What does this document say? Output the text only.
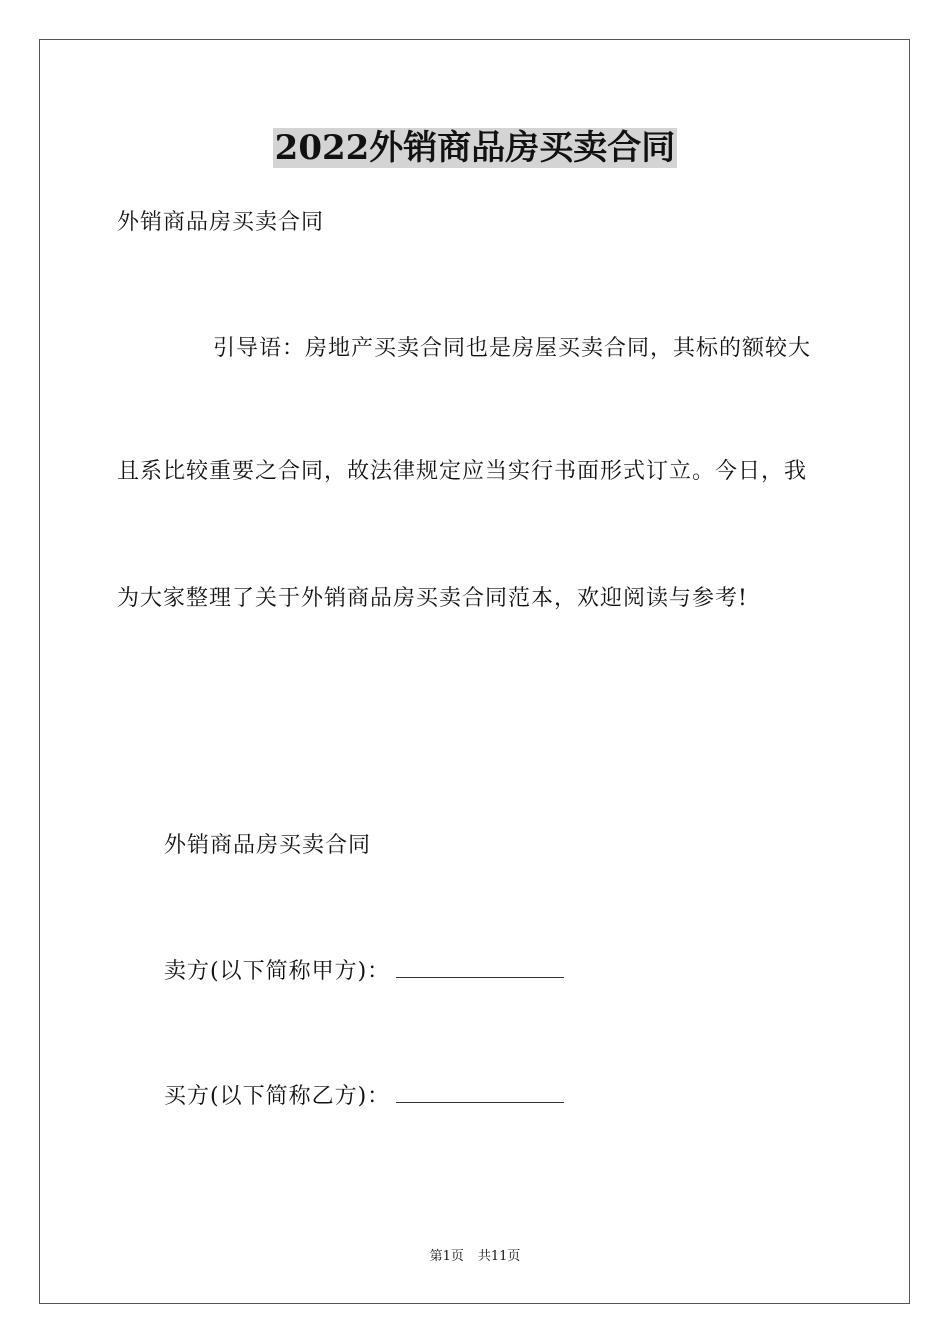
2022外销商品房买卖合同
外销商品房买卖合同
引导语：房地产买卖合同也是房屋买卖合同，其标的额较大
且系比较重要之合同，故法律规定应当实行书面形式订立。今日，我
为大家整理了关于外销商品房买卖合同范本，欢迎阅读与参考!
外销商品房买卖合同
卖方(以下简称甲方)：
买方(以下简称乙方)：
第1页 共11页
